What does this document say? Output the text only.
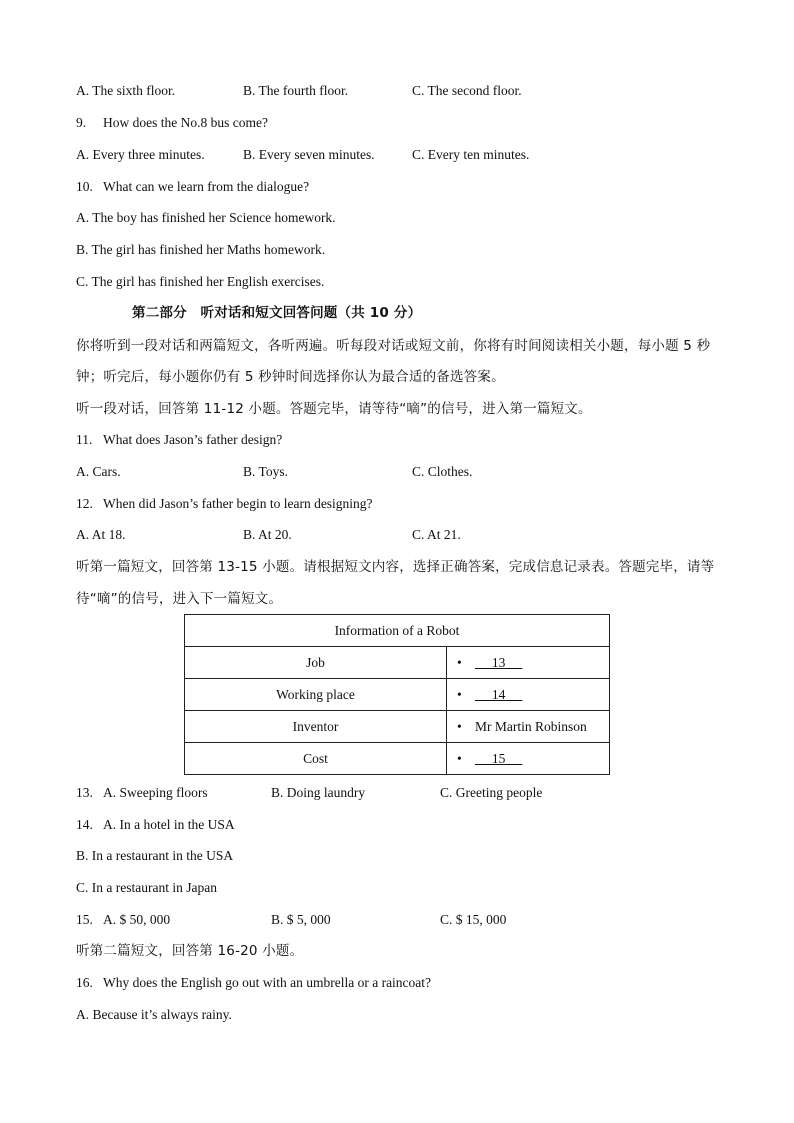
A. The sixth floor.	B. The fourth floor.	C. The second floor.
9. How does the No.8 bus come?
A. Every three minutes.	B. Every seven minutes.	C. Every ten minutes.
10. What can we learn from the dialogue?
A. The boy has finished her Science homework.
B. The girl has finished her Maths homework.
C. The girl has finished her English exercises.
第二部分　听对话和短文回答问题（共 10 分）
你将听到一段对话和两篇短文，各听两遍。听每段对话或短文前，你将有时间阅读相关小题，每小题 5 秒
钟；听完后，每小题你仍有 5 秒钟时间选择你认为最合适的备选答案。
听一段对话，回答第 11-12 小题。答题完毕，请等待“嘀”的信号，进入第一篇短文。
11. What does Jason’s father design?
A. Cars.	B. Toys.	C. Clothes.
12. When did Jason’s father begin to learn designing?
A. At 18.	B. At 20.	C. At 21.
听第一篇短文，回答第 13-15 小题。请根据短文内容，选择正确答案，完成信息记录表。答题完毕，请等
待“嘀”的信号，进入下一篇短文。
Information of a Robot	
Job	• 13
Working place	• 14
Inventor	• Mr Martin Robinson
Cost	• 15
13. A. Sweeping floors	B. Doing laundry	C. Greeting people
14. A. In a hotel in the USA
B. In a restaurant in the USA
C. In a restaurant in Japan
15. A. $ 50, 000	B. $ 5, 000	C. $ 15, 000
听第二篇短文，回答第 16-20 小题。
16. Why does the English go out with an umbrella or a raincoat?
A. Because it’s always rainy.
